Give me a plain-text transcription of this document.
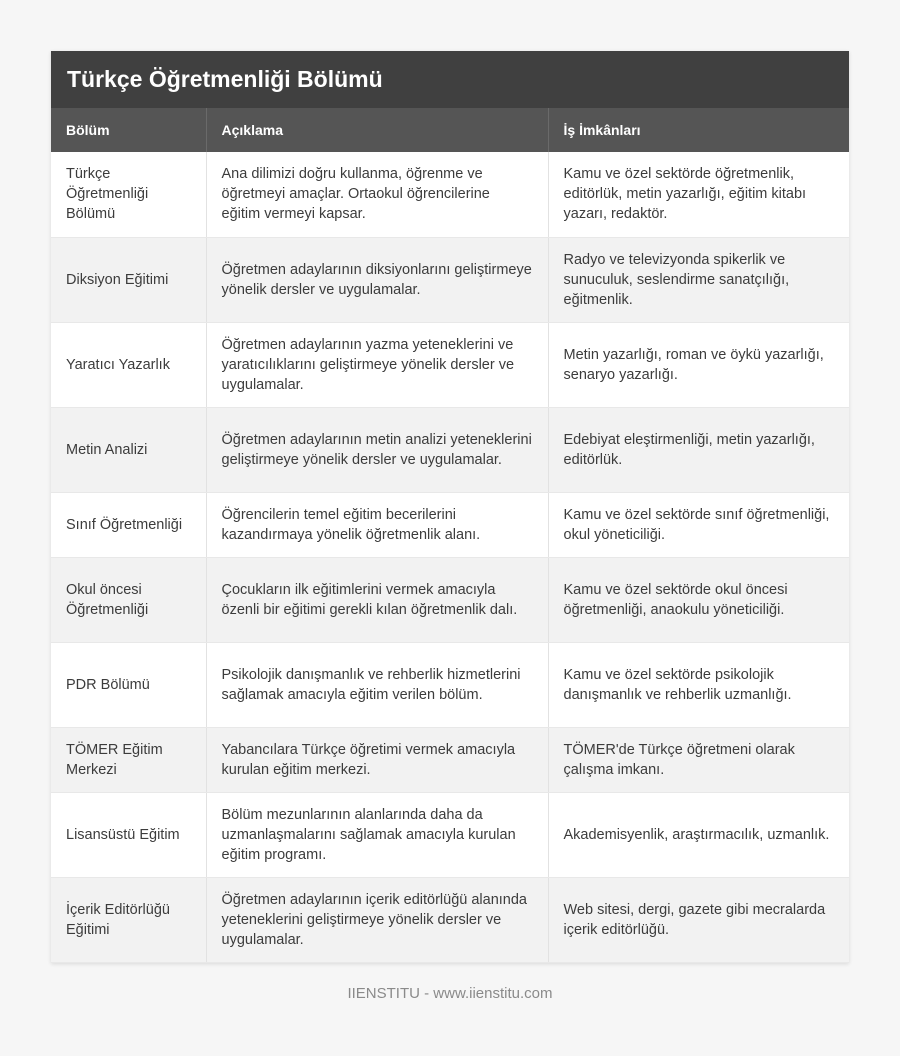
Türkçe Öğretmenliği Bölümü
Bölüm	Açıklama	İş İmkânları
Türkçe Öğretmenliği Bölümü	Ana dilimizi doğru kullanma, öğrenme ve öğretmeyi amaçlar. Ortaokul öğrencilerine eğitim vermeyi kapsar.	Kamu ve özel sektörde öğretmenlik, editörlük, metin yazarlığı, eğitim kitabı yazarı, redaktör.
Diksiyon Eğitimi	Öğretmen adaylarının diksiyonlarını geliştirmeye yönelik dersler ve uygulamalar.	Radyo ve televizyonda spikerlik ve sunuculuk, seslendirme sanatçılığı, eğitmenlik.
Yaratıcı Yazarlık	Öğretmen adaylarının yazma yeteneklerini ve yaratıcılıklarını geliştirmeye yönelik dersler ve uygulamalar.	Metin yazarlığı, roman ve öykü yazarlığı, senaryo yazarlığı.
Metin Analizi	Öğretmen adaylarının metin analizi yeteneklerini geliştirmeye yönelik dersler ve uygulamalar.	Edebiyat eleştirmenliği, metin yazarlığı, editörlük.
Sınıf Öğretmenliği	Öğrencilerin temel eğitim becerilerini kazandırmaya yönelik öğretmenlik alanı.	Kamu ve özel sektörde sınıf öğretmenliği, okul yöneticiliği.
Okul öncesi Öğretmenliği	Çocukların ilk eğitimlerini vermek amacıyla özenli bir eğitimi gerekli kılan öğretmenlik dalı.	Kamu ve özel sektörde okul öncesi öğretmenliği, anaokulu yöneticiliği.
PDR Bölümü	Psikolojik danışmanlık ve rehberlik hizmetlerini sağlamak amacıyla eğitim verilen bölüm.	Kamu ve özel sektörde psikolojik danışmanlık ve rehberlik uzmanlığı.
TÖMER Eğitim Merkezi	Yabancılara Türkçe öğretimi vermek amacıyla kurulan eğitim merkezi.	TÖMER'de Türkçe öğretmeni olarak çalışma imkanı.
Lisansüstü Eğitim	Bölüm mezunlarının alanlarında daha da uzmanlaşmalarını sağlamak amacıyla kurulan eğitim programı.	Akademisyenlik, araştırmacılık, uzmanlık.
İçerik Editörlüğü Eğitimi	Öğretmen adaylarının içerik editörlüğü alanında yeteneklerini geliştirmeye yönelik dersler ve uygulamalar.	Web sitesi, dergi, gazete gibi mecralarda içerik editörlüğü.
IIENSTITU - www.iienstitu.com
